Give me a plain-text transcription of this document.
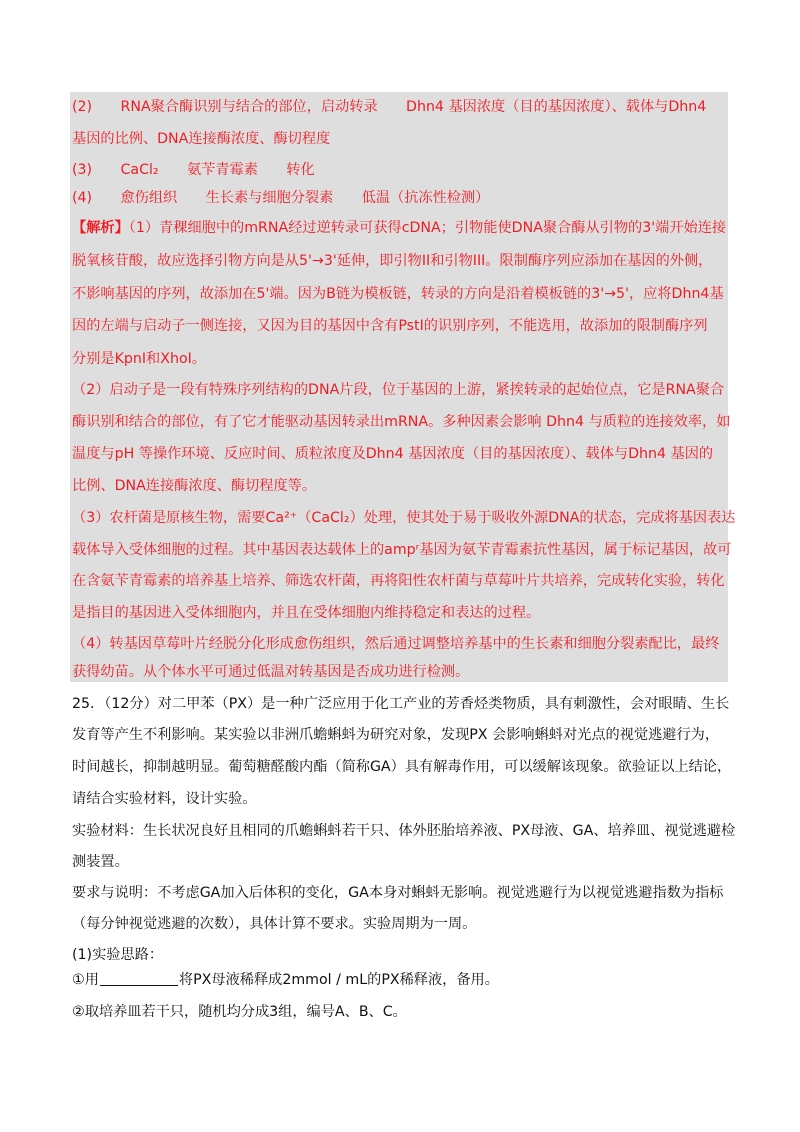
(2)　　RNA聚合酶识别与结合的部位，启动转录　　Dhn4 基因浓度（目的基因浓度）、载体与Dhn4
基因的比例、DNA连接酶浓度、酶切程度
(3)　　CaCl₂　　氨苄青霉素　　转化
(4)　　愈伤组织　　生长素与细胞分裂素　　低温（抗冻性检测）
【解析】（1）青稞细胞中的mRNA经过逆转录可获得cDNA；引物能使DNA聚合酶从引物的3'端开始连接
脱氧核苷酸，故应选择引物方向是从5'→3'延伸，即引物II和引物III。限制酶序列应添加在基因的外侧，
不影响基因的序列，故添加在5'端。因为B链为模板链，转录的方向是沿着模板链的3'→5'，应将Dhn4基
因的左端与启动子一侧连接，又因为目的基因中含有PstⅠ的识别序列，不能选用，故添加的限制酶序列
分别是KpnⅠ和XhoⅠ。
（2）启动子是一段有特殊序列结构的DNA片段，位于基因的上游，紧挨转录的起始位点，它是RNA聚合
酶识别和结合的部位，有了它才能驱动基因转录出mRNA。多种因素会影响 Dhn4 与质粒的连接效率，如
温度与pH 等操作环境、反应时间、质粒浓度及Dhn4 基因浓度（目的基因浓度）、载体与Dhn4 基因的
比例、DNA连接酶浓度、酶切程度等。
（3）农杆菌是原核生物，需要Ca²⁺（CaCl₂）处理，使其处于易于吸收外源DNA的状态，完成将基因表达
载体导入受体细胞的过程。其中基因表达载体上的ampʳ基因为氨苄青霉素抗性基因，属于标记基因，故可
在含氨苄青霉素的培养基上培养、筛选农杆菌，再将阳性农杆菌与草莓叶片共培养，完成转化实验，转化
是指目的基因进入受体细胞内，并且在受体细胞内维持稳定和表达的过程。
（4）转基因草莓叶片经脱分化形成愈伤组织，然后通过调整培养基中的生长素和细胞分裂素配比，最终
获得幼苗。从个体水平可通过低温对转基因是否成功进行检测。
25．（12分）对二甲苯（PX）是一种广泛应用于化工产业的芳香烃类物质，具有刺激性，会对眼睛、生长
发育等产生不利影响。某实验以非洲爪蟾蝌蚪为研究对象，发现PX 会影响蝌蚪对光点的视觉逃避行为，
时间越长，抑制越明显。葡萄糖醛酸内酯（简称GA）具有解毒作用，可以缓解该现象。欲验证以上结论，
请结合实验材料，设计实验。
实验材料：生长状况良好且相同的爪蟾蝌蚪若干只、体外胚胎培养液、PX母液、GA、培养皿、视觉逃避检
测装置。
要求与说明：不考虑GA加入后体积的变化，GA本身对蝌蚪无影响。视觉逃避行为以视觉逃避指数为指标
（每分钟视觉逃避的次数），具体计算不要求。实验周期为一周。
(1)实验思路：
①用	将PX母液稀释成2mmol / mL的PX稀释液，备用。
②取培养皿若干只，随机均分成3组，编号A、B、C。
